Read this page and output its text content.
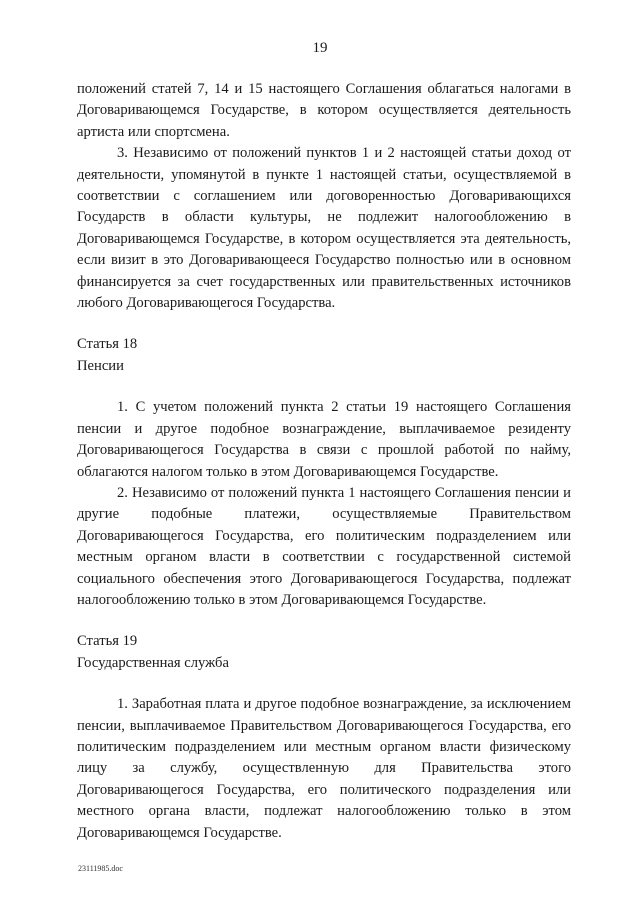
19

положений статей 7, 14 и 15 настоящего Соглашения облагаться налогами в Договаривающемся Государстве, в котором осуществляется деятельность артиста или спортсмена.

3. Независимо от положений пунктов 1 и 2 настоящей статьи доход от деятельности, упомянутой в пункте 1 настоящей статьи, осуществляемой в соответствии с соглашением или договоренностью Договаривающихся Государств в области культуры, не подлежит налогообложению в Договаривающемся Государстве, в котором осуществляется эта деятельность, если визит в это Договаривающееся Государство полностью или в основном финансируется за счет государственных или правительственных источников любого Договаривающегося Государства.

Статья 18

Пенсии

1. С учетом положений пункта 2 статьи 19 настоящего Соглашения пенсии и другое подобное вознаграждение, выплачиваемое резиденту Договаривающегося Государства в связи с прошлой работой по найму, облагаются налогом только в этом Договаривающемся Государстве.

2. Независимо от положений пункта 1 настоящего Соглашения пенсии и другие подобные платежи, осуществляемые Правительством Договаривающегося Государства, его политическим подразделением или местным органом власти в соответствии с государственной системой социального обеспечения этого Договаривающегося Государства, подлежат налогообложению только в этом Договаривающемся Государстве.

Статья 19

Государственная служба

1. Заработная плата и другое подобное вознаграждение, за исключением пенсии, выплачиваемое Правительством Договаривающегося Государства, его политическим подразделением или местным органом власти физическому лицу за службу, осуществленную для Правительства этого Договаривающегося Государства, его политического подразделения или местного органа власти, подлежат налогообложению только в этом Договаривающемся Государстве.

23111985.doc
